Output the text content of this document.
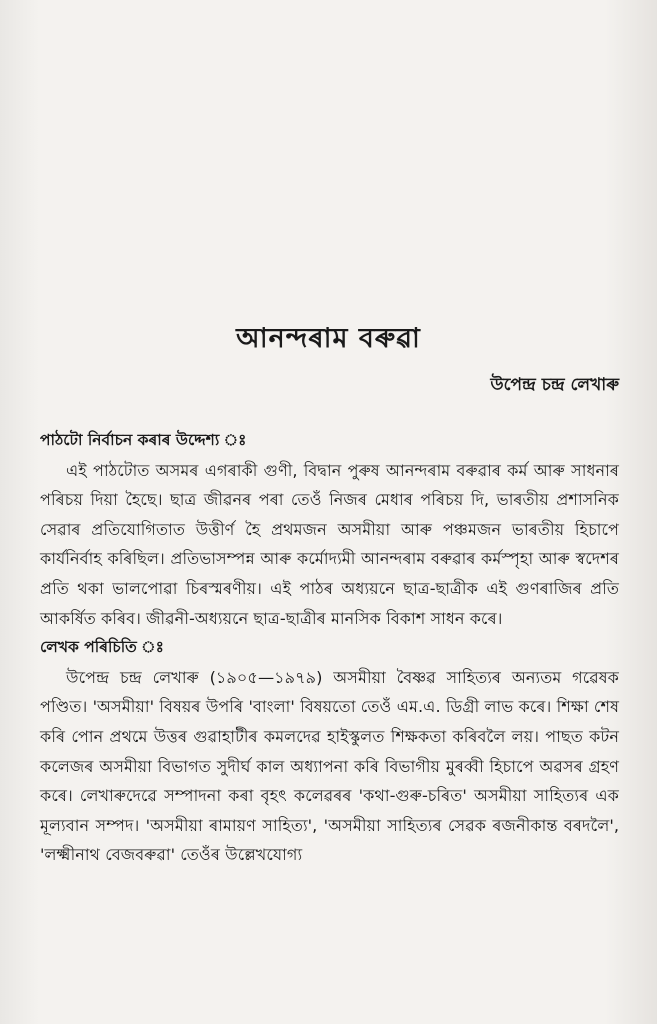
আনন্দৰাম বৰুৱা
উপেন্দ্ৰ চন্দ্ৰ লেখাৰু
পাঠটো নিৰ্বাচন কৰাৰ উদ্দেশ্য ঃ

এই পাঠটোত অসমৰ এগৰাকী গুণী, বিদ্বান পুৰুষ আনন্দৰাম বৰুৱাৰ কৰ্ম আৰু সাধনাৰ পৰিচয় দিয়া হৈছে। ছাত্ৰ জীৱনৰ পৰা তেওঁ নিজৰ মেধাৰ পৰিচয় দি, ভাৰতীয় প্ৰশাসনিক সেৱাৰ প্ৰতিযোগিতাত উত্তীৰ্ণ হৈ প্ৰথমজন অসমীয়া আৰু পঞ্চমজন ভাৰতীয় হিচাপে কাৰ্যনিৰ্বাহ কৰিছিল। প্ৰতিভাসম্পন্ন আৰু কৰ্মোদ্যমী আনন্দৰাম বৰুৱাৰ কৰ্মস্পৃহা আৰু স্বদেশৰ প্ৰতি থকা ভালপোৱা চিৰস্মৰণীয়। এই পাঠৰ অধ্যয়নে ছাত্ৰ-ছাত্ৰীক এই গুণৰাজিৰ প্ৰতি আকৰ্ষিত কৰিব। জীৱনী-অধ্যয়নে ছাত্ৰ-ছাত্ৰীৰ মানসিক বিকাশ সাধন কৰে।

লেখক পৰিচিতি ঃ

উপেন্দ্ৰ চন্দ্ৰ লেখাৰু (১৯০৫—১৯৭৯) অসমীয়া বৈষ্ণৱ সাহিত্যৰ অন্যতম গৱেষক পণ্ডিত। 'অসমীয়া' বিষয়ৰ উপৰি 'বাংলা' বিষয়তো তেওঁ এম.এ. ডিগ্ৰী লাভ কৰে। শিক্ষা শেষ কৰি পোন প্ৰথমে উত্তৰ গুৱাহাটীৰ কমলদেৱ হাইস্কুলত শিক্ষকতা কৰিবলৈ লয়। পাছত কটন কলেজৰ অসমীয়া বিভাগত সুদীৰ্ঘ কাল অধ্যাপনা কৰি বিভাগীয় মুৰব্বী হিচাপে অৱসৰ গ্ৰহণ কৰে। লেখাৰুদেৱে সম্পাদনা কৰা বৃহৎ কলেৱৰৰ 'কথা-গুৰু-চৰিত' অসমীয়া সাহিত্যৰ এক মূল্যবান সম্পদ। 'অসমীয়া ৰামায়ণ সাহিত্য', 'অসমীয়া সাহিত্যৰ সেৱক ৰজনীকান্ত বৰদলৈ', 'লক্ষ্মীনাথ বেজবৰুৱা' তেওঁৰ উল্লেখযোগ্য
